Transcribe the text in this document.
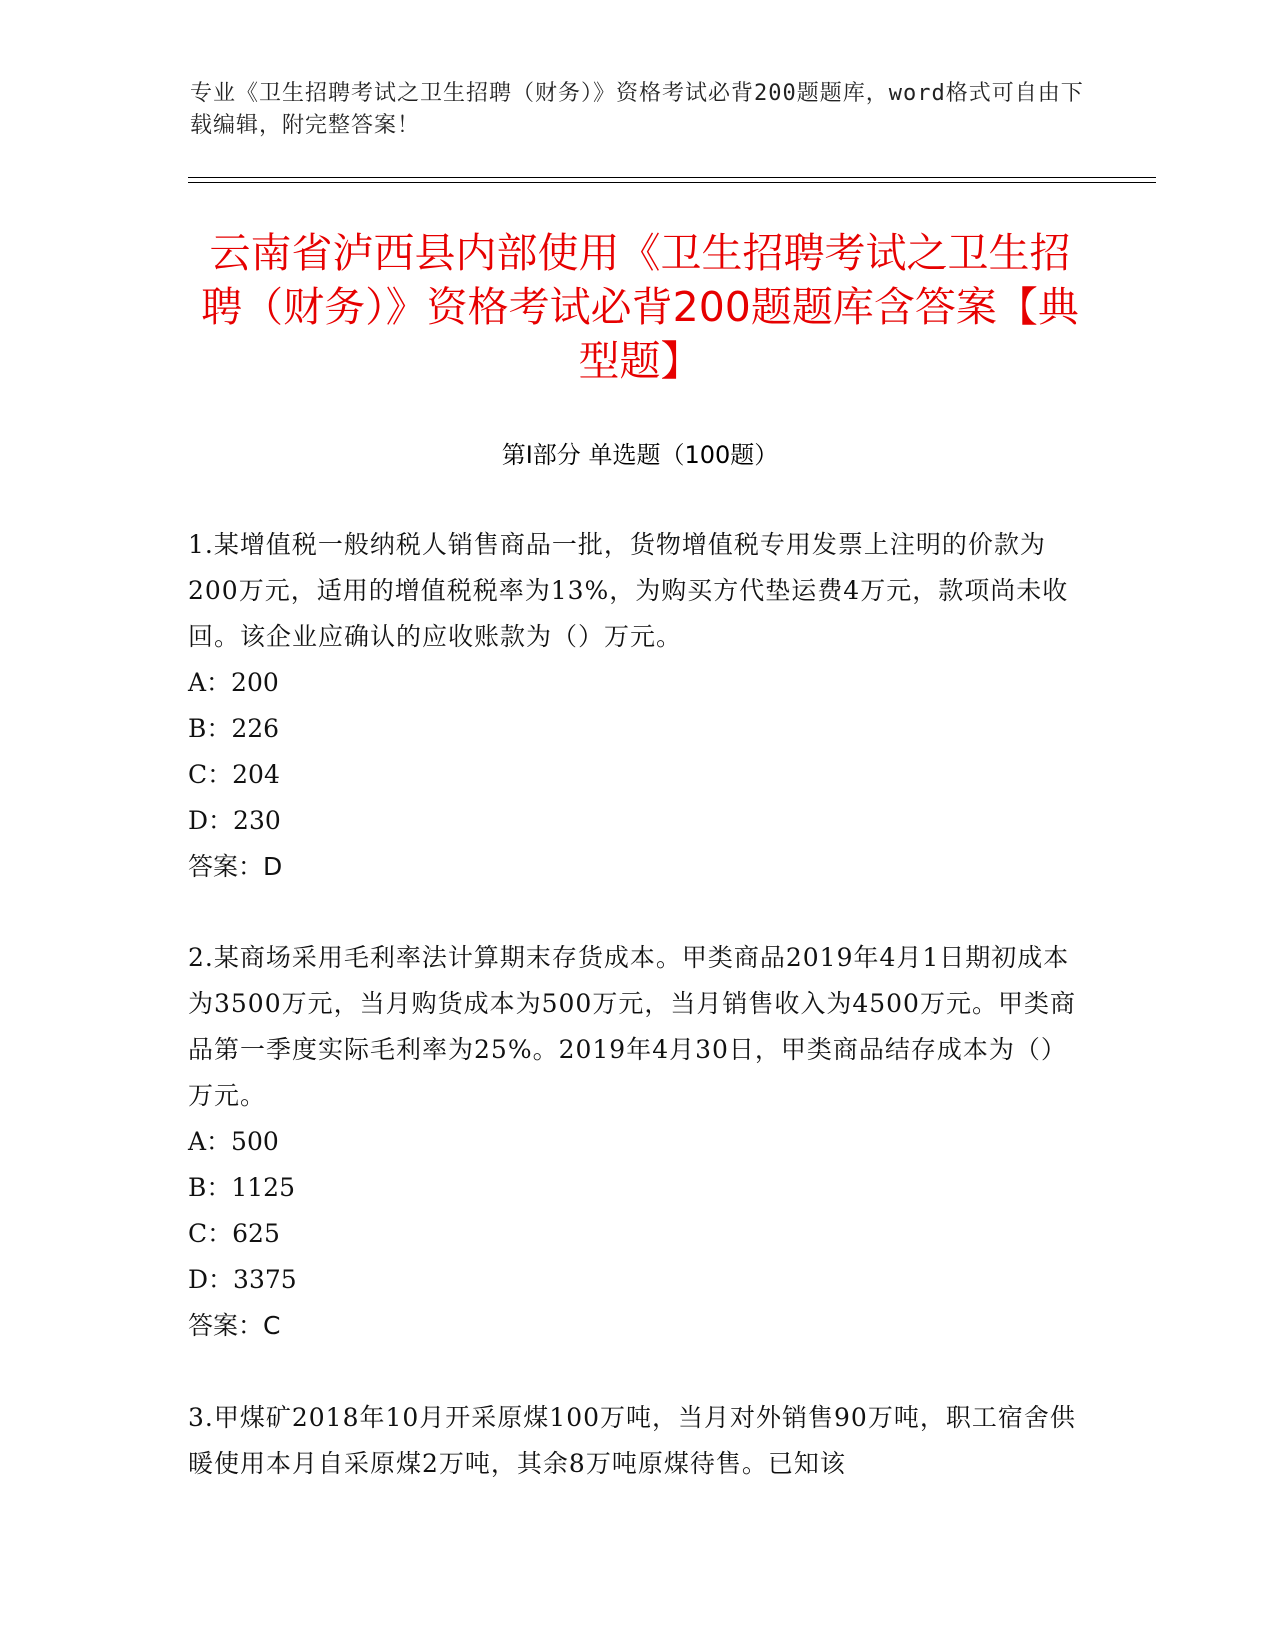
专业《卫生招聘考试之卫生招聘（财务）》资格考试必背200题题库，word格式可自由下载编辑，附完整答案！
云南省泸西县内部使用《卫生招聘考试之卫生招聘（财务）》资格考试必背200题题库含答案【典型题】
第Ⅰ部分 单选题（100题）

1.某增值税一般纳税人销售商品一批，货物增值税专用发票上注明的价款为200万元，适用的增值税税率为13%，为购买方代垫运费4万元，款项尚未收回。该企业应确认的应收账款为（）万元。

A：200

B：226

C：204

D：230

答案：D

2.某商场采用毛利率法计算期末存货成本。甲类商品2019年4月1日期初成本为3500万元，当月购货成本为500万元，当月销售收入为4500万元。甲类商品第一季度实际毛利率为25%。2019年4月30日，甲类商品结存成本为（）万元。

A：500

B：1125

C：625

D：3375

答案：C

3.甲煤矿2018年10月开采原煤100万吨，当月对外销售90万吨，职工宿舍供暖使用本月自采原煤2万吨，其余8万吨原煤待售。已知该
